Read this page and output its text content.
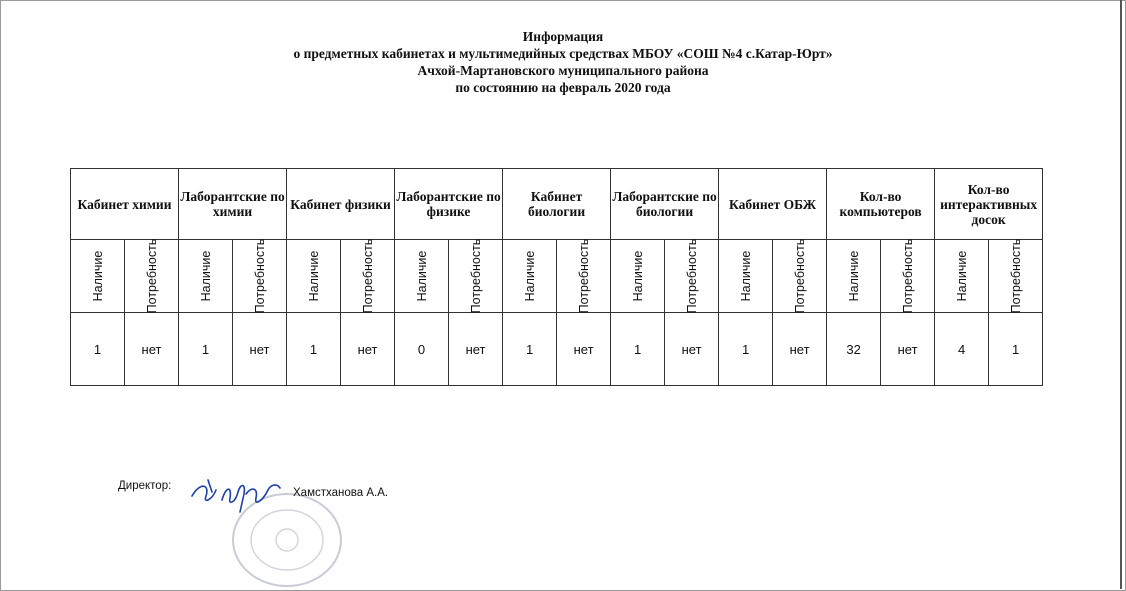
Информация
о предметных кабинетах и мультимедийных средствах МБОУ «СОШ №4 с.Катар-Юрт»
Ачхой-Мартановского муниципального района
по состоянию на февраль 2020 года
Кабинет химии		Лаборантские по химии		Кабинет физики		Лаборантские по физике		Кабинет биологии		Лаборантские по биологии		Кабинет ОБЖ		Кол-во компьютеров		Кол-во интерактивных досок	

Наличие	Потребность	Наличие	Потребность	Наличие	Потребность	Наличие	Потребность	Наличие	Потребность	Наличие	Потребность	Наличие	Потребность	Наличие	Потребность	Наличие	Потребность

1	нет	1	нет	1	нет	0	нет	1	нет	1	нет	1	нет	32	нет	4	1
Директор:
Хамстханова А.А.
